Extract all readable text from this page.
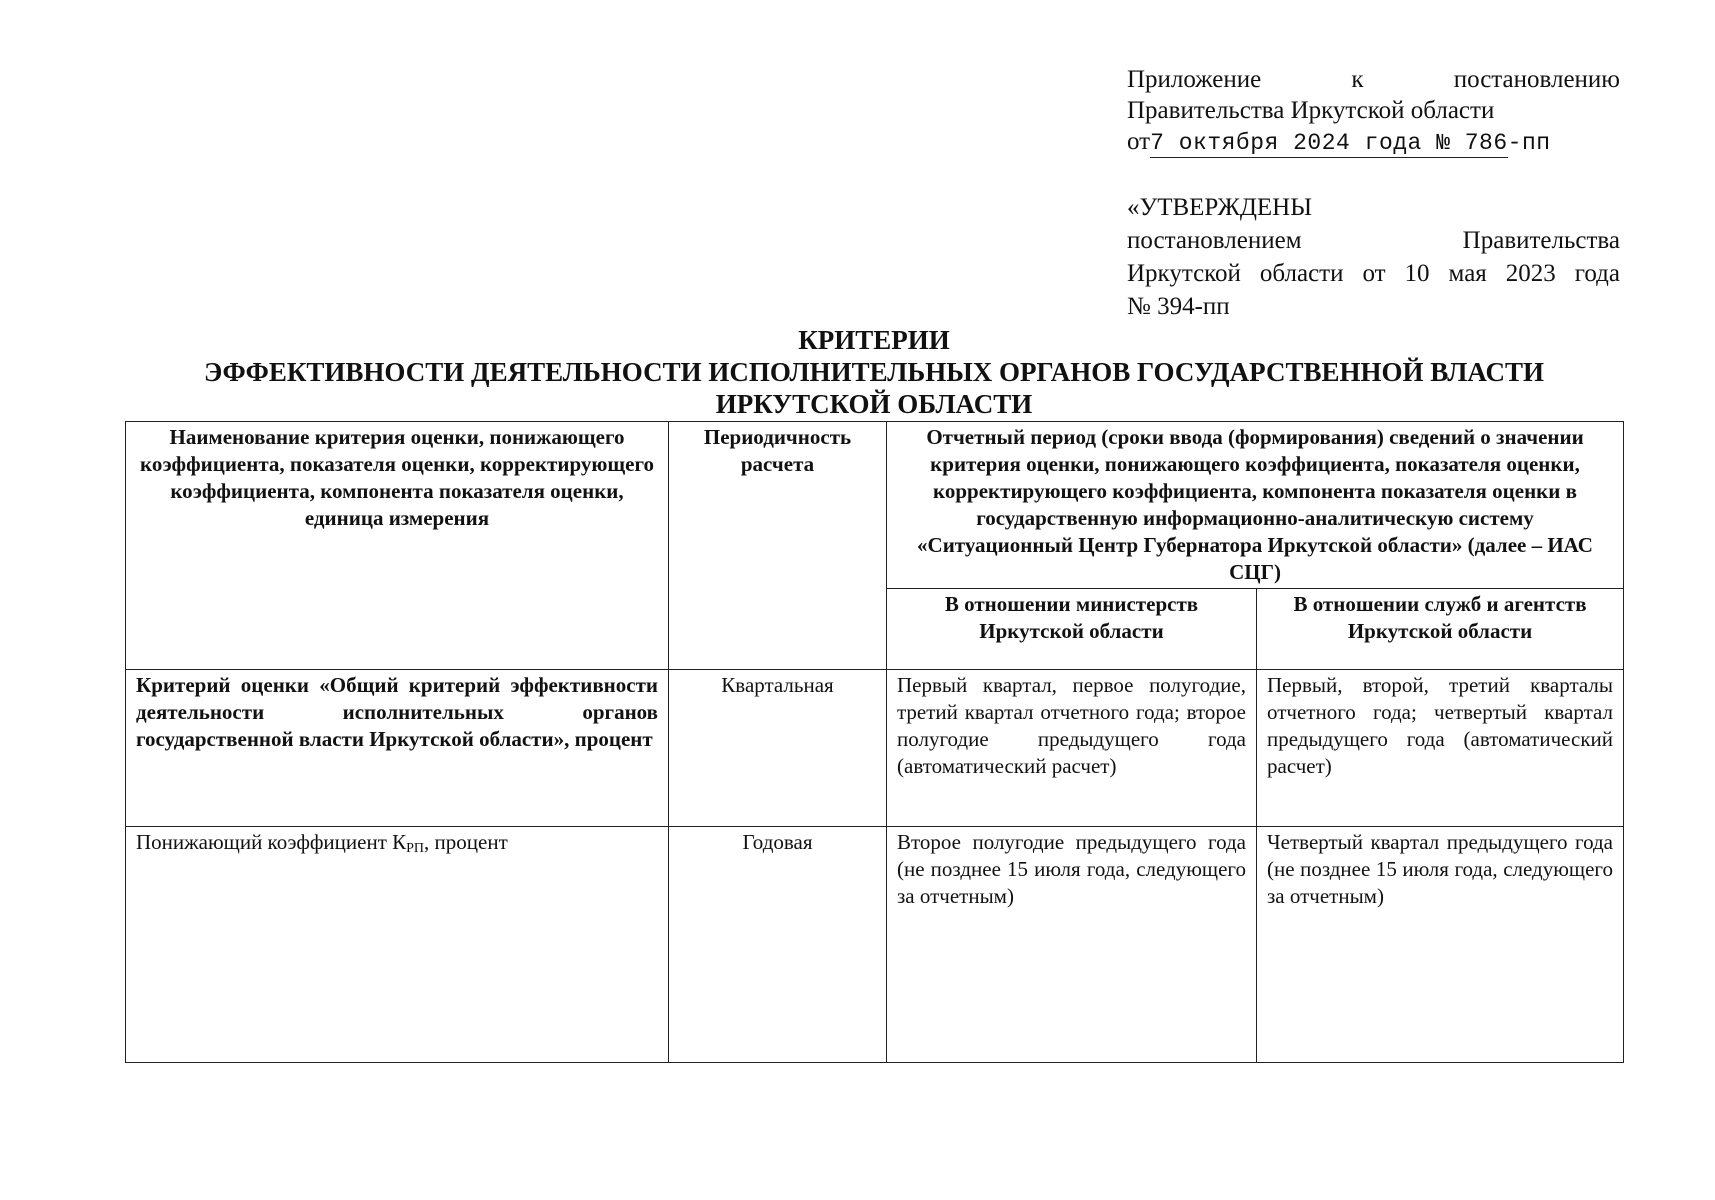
Приложение к постановлению
Правительства Иркутской области
от7 октября 2024 года № 786-пп
«УТВЕРЖДЕНЫ
постановлением Правительства
Иркутской области от 10 мая 2023 года
№ 394-пп
КРИТЕРИИ
ЭФФЕКТИВНОСТИ ДЕЯТЕЛЬНОСТИ ИСПОЛНИТЕЛЬНЫХ ОРГАНОВ ГОСУДАРСТВЕННОЙ ВЛАСТИ
ИРКУТСКОЙ ОБЛАСТИ
Наименование критерия оценки, понижающего коэффициента, показателя оценки, корректирующего коэффициента, компонента показателя оценки, единица измерения	Периодичность расчета	Отчетный период (сроки ввода (формирования) сведений о значении критерия оценки, понижающего коэффициента, показателя оценки, корректирующего коэффициента, компонента показателя оценки в государственную информационно-аналитическую систему «Ситуационный Центр Губернатора Иркутской области» (далее – ИАС СЦГ)	
		В отношении министерств Иркутской области	В отношении служб и агентств
Иркутской области

Критерий оценки «Общий критерий эффективности деятельности исполнительных органов государственной власти Иркутской области», процент	Квартальная	Первый квартал, первое полугодие, третий квартал отчетного года; второе полугодие предыдущего года (автоматический расчет)	Первый, второй, третий кварталы отчетного года; четвертый квартал предыдущего года (автоматический расчет)
Понижающий коэффициент $К_{РП}$, процент	Годовая	Второе полугодие предыдущего года (не позднее 15 июля года, следующего за отчетным)	Четвертый квартал предыдущего года (не позднее 15 июля года, следующего за отчетным)
